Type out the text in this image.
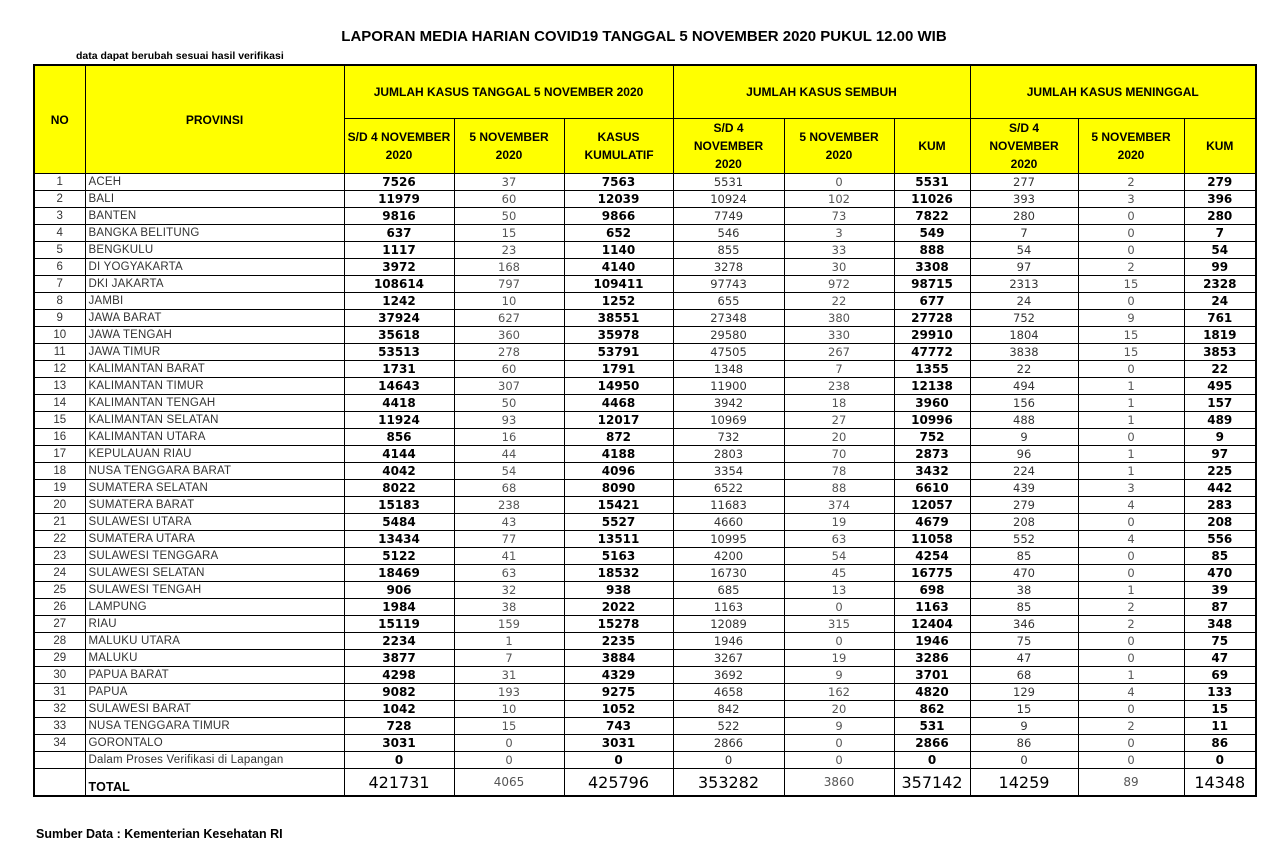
LAPORAN MEDIA HARIAN COVID19 TANGGAL 5 NOVEMBER 2020 PUKUL 12.00 WIB
data dapat berubah sesuai hasil verifikasi
NO	PROVINSI	JUMLAH KASUS TANGGAL 5 NOVEMBER 2020			JUMLAH KASUS SEMBUH			JUMLAH KASUS MENINGGAL		
		S/D 4 NOVEMBER 2020	5 NOVEMBER 2020	KASUS KUMULATIF	S/D 4 NOVEMBER 2020	5 NOVEMBER 2020	KUM	S/D 4 NOVEMBER 2020	5 NOVEMBER 2020	KUM
1	ACEH	7526	37	7563	5531	0	5531	277	2	279
2	BALI	11979	60	12039	10924	102	11026	393	3	396
3	BANTEN	9816	50	9866	7749	73	7822	280	0	280
4	BANGKA BELITUNG	637	15	652	546	3	549	7	0	7
5	BENGKULU	1117	23	1140	855	33	888	54	0	54
6	DI YOGYAKARTA	3972	168	4140	3278	30	3308	97	2	99
7	DKI JAKARTA	108614	797	109411	97743	972	98715	2313	15	2328
8	JAMBI	1242	10	1252	655	22	677	24	0	24
9	JAWA BARAT	37924	627	38551	27348	380	27728	752	9	761
10	JAWA TENGAH	35618	360	35978	29580	330	29910	1804	15	1819
11	JAWA TIMUR	53513	278	53791	47505	267	47772	3838	15	3853
12	KALIMANTAN BARAT	1731	60	1791	1348	7	1355	22	0	22
13	KALIMANTAN TIMUR	14643	307	14950	11900	238	12138	494	1	495
14	KALIMANTAN TENGAH	4418	50	4468	3942	18	3960	156	1	157
15	KALIMANTAN SELATAN	11924	93	12017	10969	27	10996	488	1	489
16	KALIMANTAN UTARA	856	16	872	732	20	752	9	0	9
17	KEPULAUAN RIAU	4144	44	4188	2803	70	2873	96	1	97
18	NUSA TENGGARA BARAT	4042	54	4096	3354	78	3432	224	1	225
19	SUMATERA SELATAN	8022	68	8090	6522	88	6610	439	3	442
20	SUMATERA BARAT	15183	238	15421	11683	374	12057	279	4	283
21	SULAWESI UTARA	5484	43	5527	4660	19	4679	208	0	208
22	SUMATERA UTARA	13434	77	13511	10995	63	11058	552	4	556
23	SULAWESI TENGGARA	5122	41	5163	4200	54	4254	85	0	85
24	SULAWESI SELATAN	18469	63	18532	16730	45	16775	470	0	470
25	SULAWESI TENGAH	906	32	938	685	13	698	38	1	39
26	LAMPUNG	1984	38	2022	1163	0	1163	85	2	87
27	RIAU	15119	159	15278	12089	315	12404	346	2	348
28	MALUKU UTARA	2234	1	2235	1946	0	1946	75	0	75
29	MALUKU	3877	7	3884	3267	19	3286	47	0	47
30	PAPUA BARAT	4298	31	4329	3692	9	3701	68	1	69
31	PAPUA	9082	193	9275	4658	162	4820	129	4	133
32	SULAWESI BARAT	1042	10	1052	842	20	862	15	0	15
33	NUSA TENGGARA TIMUR	728	15	743	522	9	531	9	2	11
34	GORONTALO	3031	0	3031	2866	0	2866	86	0	86
	Dalam Proses Verifikasi di Lapangan	0	0	0	0	0	0	0	0	0
	TOTAL	421731	4065	425796	353282	3860	357142	14259	89	14348
Sumber Data : Kementerian Kesehatan RI
